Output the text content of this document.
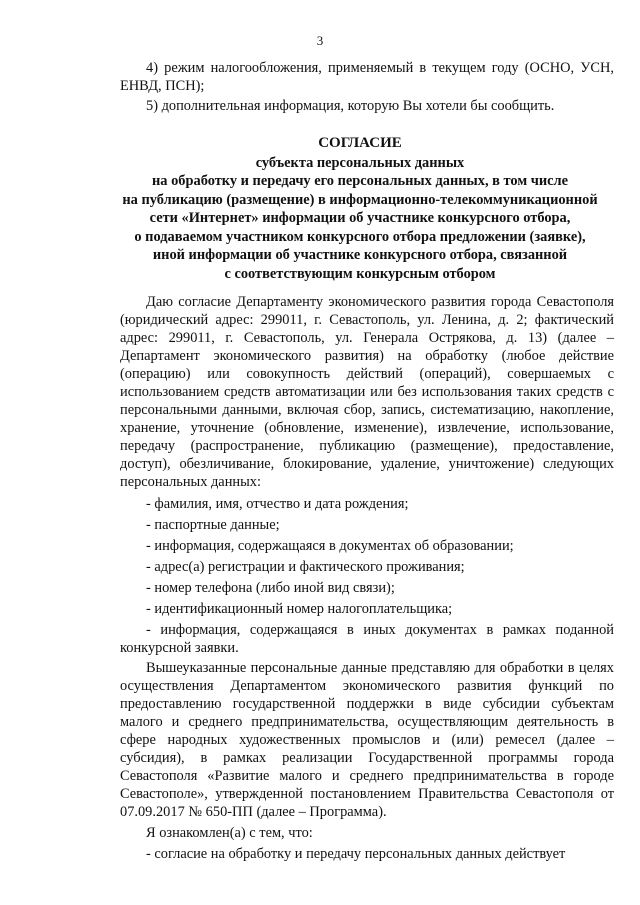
3

4) режим налогообложения, применяемый в текущем году (ОСНО, УСН, ЕНВД, ПСН);

5) дополнительная информация, которую Вы хотели бы сообщить.

СОГЛАСИЕ
субъекта персональных данных
на обработку и передачу его персональных данных, в том числе
на публикацию (размещение) в информационно-телекоммуникационной
сети «Интернет» информации об участнике конкурсного отбора,
о подаваемом участником конкурсного отбора предложении (заявке),
иной информации об участнике конкурсного отбора, связанной
с соответствующим конкурсным отбором

Даю согласие Департаменту экономического развития города Севастополя (юридический адрес: 299011, г. Севастополь, ул. Ленина, д. 2; фактический адрес: 299011, г. Севастополь, ул. Генерала Острякова, д. 13) (далее – Департамент экономического развития) на обработку (любое действие (операцию) или совокупность действий (операций), совершаемых с использованием средств автоматизации или без использования таких средств с персональными данными, включая сбор, запись, систематизацию, накопление, хранение, уточнение (обновление, изменение), извлечение, использование, передачу (распространение, публикацию (размещение), предоставление, доступ), обезличивание, блокирование, удаление, уничтожение) следующих персональных данных:

- фамилия, имя, отчество и дата рождения;
- паспортные данные;
- информация, содержащаяся в документах об образовании;
- адрес(а) регистрации и фактического проживания;
- номер телефона (либо иной вид связи);
- идентификационный номер налогоплательщика;
- информация, содержащаяся в иных документах в рамках поданной конкурсной заявки.

Вышеуказанные персональные данные представляю для обработки в целях осуществления Департаментом экономического развития функций по предоставлению государственной поддержки в виде субсидии субъектам малого и среднего предпринимательства, осуществляющим деятельность в сфере народных художественных промыслов и (или) ремесел (далее – субсидия), в рамках реализации Государственной программы города Севастополя «Развитие малого и среднего предпринимательства в городе Севастополе», утвержденной постановлением Правительства Севастополя от 07.09.2017 № 650-ПП (далее – Программа).

Я ознакомлен(а) с тем, что:

- согласие на обработку и передачу персональных данных действует
